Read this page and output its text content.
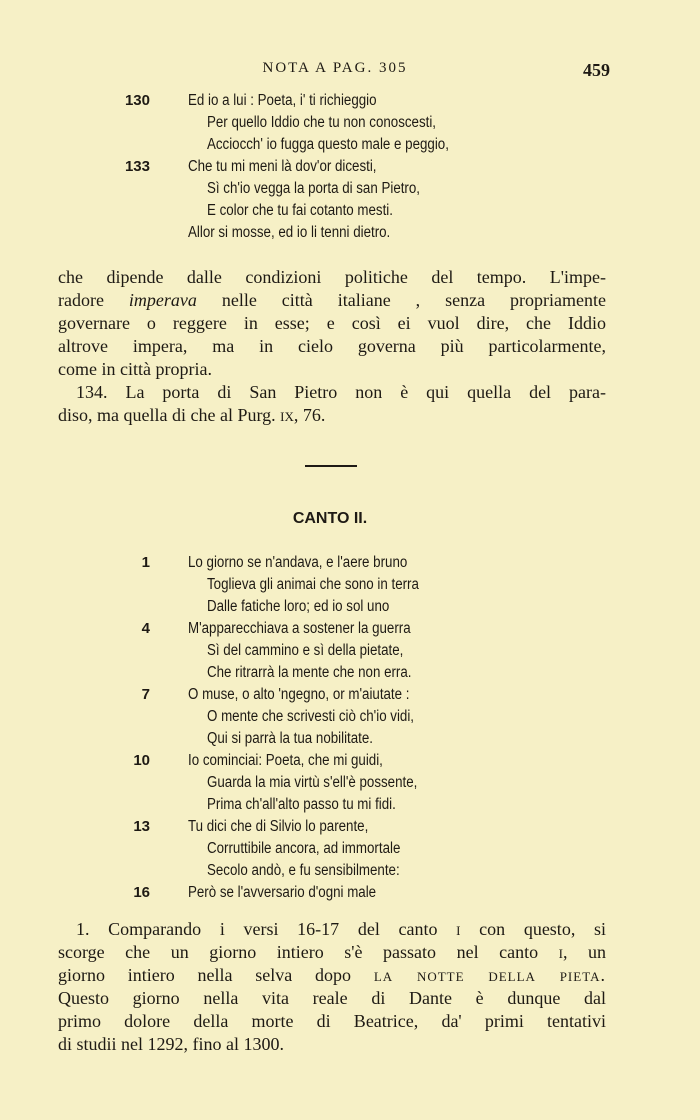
NOTA A PAG. 305	459
130 Ed io a lui : Poeta, i' ti richieggio
Per quello Iddio che tu non conoscesti,
Acciocch' io fugga questo male e peggio,
133 Che tu mi meni là dov'or dicesti,
Sì ch'io vegga la porta di san Pietro,
E color che tu fai cotanto mesti.
Allor si mosse, ed io li tenni dietro.

che dipende dalle condizioni politiche del tempo. L'impe-

radore imperava nelle città italiane , senza propriamente

governare o reggere in esse; e così ei vuol dire, che Iddio

altrove impera, ma in cielo governa più particolarmente,

come in città propria.

134. La porta di San Pietro non è qui quella del para-

diso, ma quella di che al Purg. ix, 76.

CANTO II.
1 Lo giorno se n'andava, e l'aere bruno
Toglieva gli animai che sono in terra
Dalle fatiche loro; ed io sol uno
4 M'apparecchiava a sostener la guerra
Sì del cammino e sì della pietate,
Che ritrarrà la mente che non erra.
7 O muse, o alto 'ngegno, or m'aiutate :
O mente che scrivesti ciò ch'io vidi,
Qui si parrà la tua nobilitate.
10 Io cominciai: Poeta, che mi guidi,
Guarda la mia virtù s'ell'è possente,
Prima ch'all'alto passo tu mi fidi.
13 Tu dici che di Silvio lo parente,
Corruttibile ancora, ad immortale
Secolo andò, e fu sensibilmente:
16 Però se l'avversario d'ogni male

1. Comparando i versi 16-17 del canto i con questo, si

scorge che un giorno intiero s'è passato nel canto i, un

giorno intiero nella selva dopo la notte della pieta.

Questo giorno nella vita reale di Dante è dunque dal

primo dolore della morte di Beatrice, da' primi tentativi

di studii nel 1292, fino al 1300.
